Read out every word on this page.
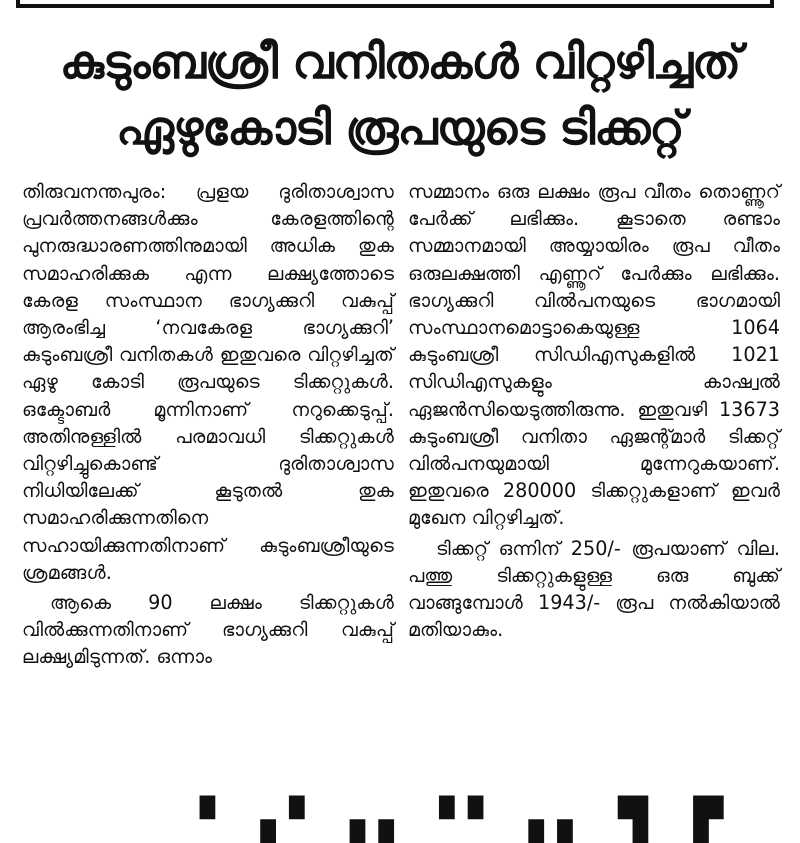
കുടുംബശ്രീ വനിതകൾ വിറ്റഴിച്ചത്
ഏഴുകോടി രൂപയുടെ ടിക്കറ്റ്

തിരുവനന്തപുരം: പ്രളയ ദുരിതാശ്വാസ പ്രവർത്തനങ്ങൾക്കും കേരളത്തിന്റെ പുനരുദ്ധാരണത്തിനുമായി അധിക തുക സമാഹരിക്കുക എന്ന ലക്ഷ്യത്തോടെ കേരള സംസ്ഥാന ഭാഗ്യക്കുറി വകുപ്പ് ആരംഭിച്ച ‘നവകേരള ഭാഗ്യക്കുറി’ കുടുംബശ്രീ വനിതകൾ ഇതുവരെ വിറ്റഴിച്ചത് ഏഴു കോടി രൂപയുടെ ടിക്കറ്റുകൾ. ഒക്ടോബർ മൂന്നിനാണ് നറുക്കെടുപ്പ്. അതിനുള്ളിൽ പരമാവധി ടിക്കറ്റുകൾ വിറ്റഴിച്ചുകൊണ്ട് ദുരിതാശ്വാസ നിധിയിലേക്ക് കൂടുതൽ തുക സമാഹരിക്കുന്നതിനെ സഹായിക്കുന്നതിനാണ് കുടുംബശ്രീയുടെ ശ്രമങ്ങൾ.

ആകെ 90 ലക്ഷം ടിക്കറ്റുകൾ വിൽക്കുന്നതിനാണ് ഭാഗ്യക്കുറി വകുപ്പ് ലക്ഷ്യമിടുന്നത്. ഒന്നാം

സമ്മാനം ഒരു ലക്ഷം രൂപ വീതം തൊണ്ണൂറ് പേർക്ക് ലഭിക്കും. കൂടാതെ രണ്ടാം സമ്മാനമായി അയ്യായിരം രൂപ വീതം ഒരുലക്ഷത്തി എണ്ണൂറ് പേർക്കും ലഭിക്കും. ഭാഗ്യക്കുറി വിൽപനയുടെ ഭാഗമായി സംസ്ഥാനമൊട്ടാകെയുള്ള 1064 കുടുംബശ്രീ സിഡിഎസുകളിൽ 1021 സിഡിഎസുകളും കാഷ്വൽ ഏജൻസിയെടുത്തിരുന്നു. ഇതുവഴി 13673 കുടുംബശ്രീ വനിതാ ഏജന്റ്മാർ ടിക്കറ്റ് വിൽപനയുമായി മുന്നേറുകയാണ്. ഇതുവരെ 280000 ടിക്കറ്റുകളാണ് ഇവർ മുഖേന വിറ്റഴിച്ചത്.

ടിക്കറ്റ് ഒന്നിന് 250/- രൂപയാണ് വില. പത്തു ടിക്കറ്റുകളുള്ള ഒരു ബുക്ക് വാങ്ങുമ്പോൾ 1943/- രൂപ നൽകിയാൽ മതിയാകും.

▘ ▗ ▘ ▗ ▖ ▝ ▘ ▗ ▖ ▝▌ ▐▘
